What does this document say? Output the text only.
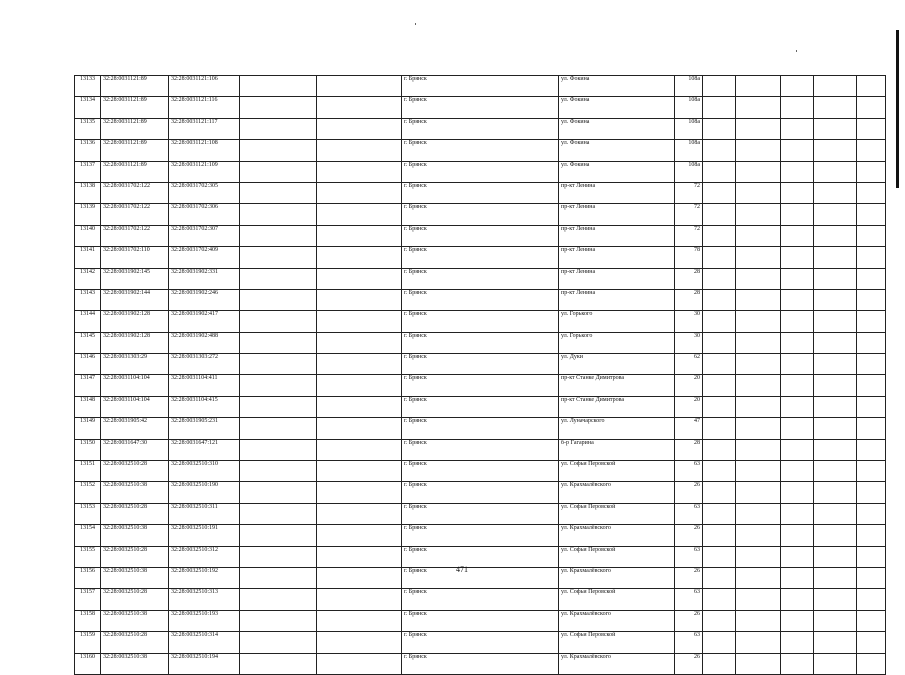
13133	32:28:0031121:89	32:28:0031121:106			г. Брянск	ул. Фокина	108а					
13134	32:28:0031121:89	32:28:0031121:116			г. Брянск	ул. Фокина	108а					
13135	32:28:0031121:89	32:28:0031121:117			г. Брянск	ул. Фокина	108а					
13136	32:28:0031121:89	32:28:0031121:108			г. Брянск	ул. Фокина	108а					
13137	32:28:0031121:89	32:28:0031121:109			г. Брянск	ул. Фокина	108а					
13138	32:28:0031702:122	32:28:0031702:305			г. Брянск	пр-кт Ленина	72					
13139	32:28:0031702:122	32:28:0031702:306			г. Брянск	пр-кт Ленина	72					
13140	32:28:0031702:122	32:28:0031702:307			г. Брянск	пр-кт Ленина	72					
13141	32:28:0031702:110	32:28:0031702:409			г. Брянск	пр-кт Ленина	78					
13142	32:28:0031902:145	32:28:0031902:331			г. Брянск	пр-кт Ленина	28					
13143	32:28:0031902:144	32:28:0031902:246			г. Брянск	пр-кт Ленина	28					
13144	32:28:0031902:128	32:28:0031902:417			г. Брянск	ул. Горького	30					
13145	32:28:0031902:128	32:28:0031902:488			г. Брянск	ул. Горького	30					
13146	32:28:0031303:29	32:28:0031303:272			г. Брянск	ул. Дуки	62					
13147	32:28:0031104:104	32:28:0031104:411			г. Брянск	пр-кт Станке Димитрова	20					
13148	32:28:0031104:104	32:28:0031104:415			г. Брянск	пр-кт Станке Димитрова	20					
13149	32:28:0031905:42	32:28:0031905:231			г. Брянск	ул. Луначарского	47					
13150	32:28:0031647:30	32:28:0031647:121			г. Брянск	б-р Гагарина	28					
13151	32:28:0032510:28	32:28:0032510:310			г. Брянск	ул. Софьи Перовской	63					
13152	32:28:0032510:38	32:28:0032510:190			г. Брянск	ул. Крахмалёвского	26					
13153	32:28:0032510:28	32:28:0032510:311			г. Брянск	ул. Софьи Перовской	63					
13154	32:28:0032510:38	32:28:0032510:191			г. Брянск	ул. Крахмалёвского	26					
13155	32:28:0032510:28	32:28:0032510:312			г. Брянск	ул. Софьи Перовской	63					
13156	32:28:0032510:38	32:28:0032510:192			г. Брянск	ул. Крахмалёвского	26					
13157	32:28:0032510:28	32:28:0032510:313			г. Брянск	ул. Софьи Перовской	63					
13158	32:28:0032510:38	32:28:0032510:193			г. Брянск	ул. Крахмалёвского	26					
13159	32:28:0032510:28	32:28:0032510:314			г. Брянск	ул. Софьи Перовской	63					
13160	32:28:0032510:38	32:28:0032510:194			г. Брянск	ул. Крахмалёвского	26					
471
